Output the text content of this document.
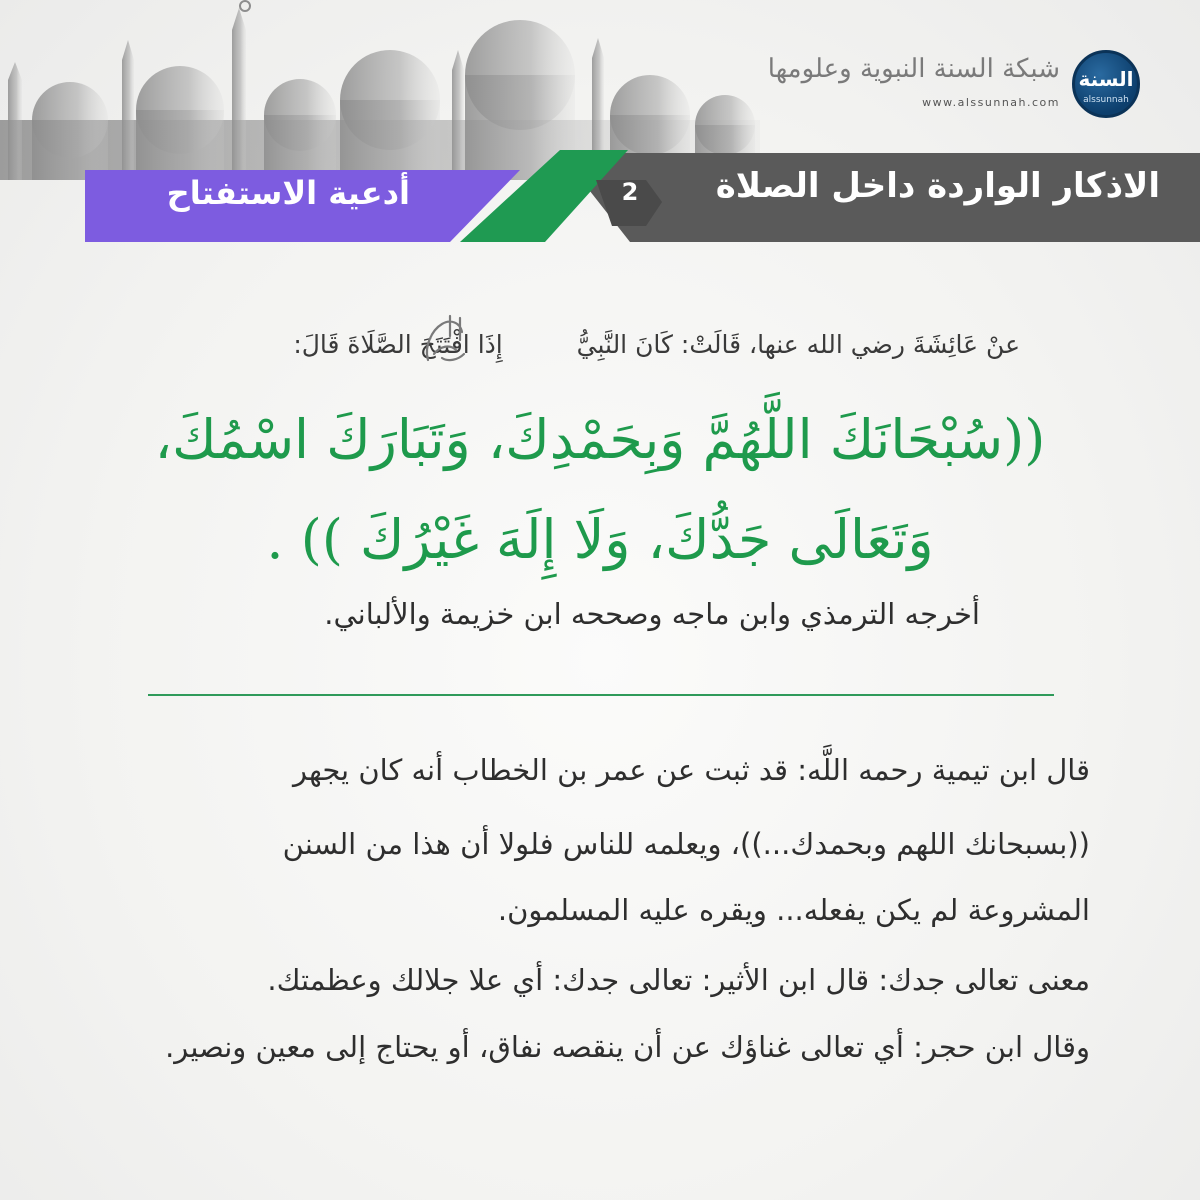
السنة
alssunnah
شبكة السنة النبوية وعلومها
www.alssunnah.com
الاذكار الواردة داخل الصلاة
2
أدعية الاستفتاح
عنْ عَائِشَةَ رضي الله عنها، قَالَتْ: كَانَ النَّبِيُّ  إِذَا افْتَتَحَ الصَّلَاةَ قَالَ:
((سُبْحَانَكَ اللَّهُمَّ وَبِحَمْدِكَ، وَتَبَارَكَ اسْمُكَ،
وَتَعَالَى جَدُّكَ، وَلَا إِلَهَ غَيْرُكَ )) .
أخرجه الترمذي وابن ماجه وصححه ابن خزيمة والألباني.
قال ابن تيمية رحمه اللَّه: قد ثبت عن عمر بن الخطاب أنه كان يجهر
((بسبحانك اللهم وبحمدك...))، ويعلمه للناس فلولا أن هذا من السنن
المشروعة لم يكن يفعله... ويقره عليه المسلمون.
معنى تعالى جدك: قال ابن الأثير: تعالى جدك: أي علا جلالك وعظمتك.
وقال ابن حجر: أي تعالى غناؤك عن أن ينقصه نفاق، أو يحتاج إلى معين ونصير.
